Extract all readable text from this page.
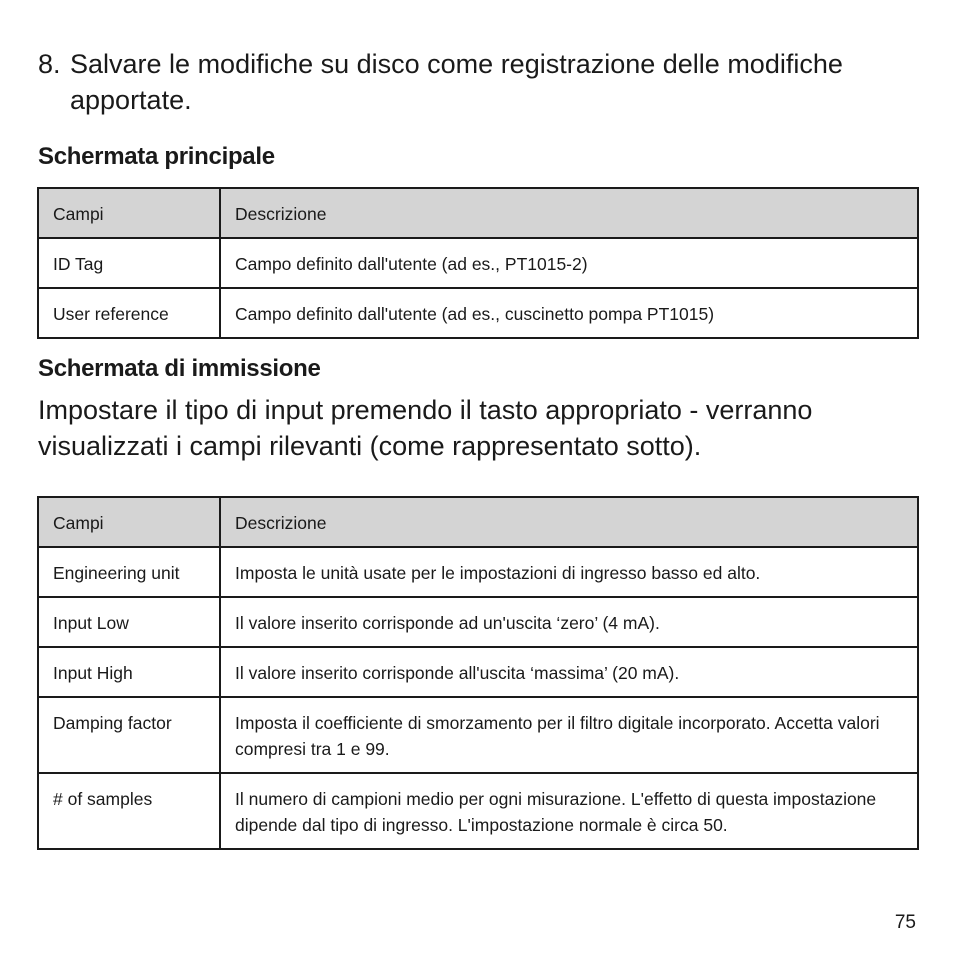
8. Salvare le modifiche su disco come registrazione delle modifiche apportate.
Schermata principale
Campi	Descrizione
ID Tag	Campo definito dall'utente (ad es., PT1015-2)
User reference	Campo definito dall'utente (ad es., cuscinetto pompa PT1015)
Schermata di immissione
Impostare il tipo di input premendo il tasto appropriato - verranno visualizzati i campi rilevanti (come rappresentato sotto).
Campi	Descrizione
Engineering unit	Imposta le unità usate per le impostazioni di ingresso basso ed alto.
Input Low	Il valore inserito corrisponde ad un'uscita ‘zero’ (4 mA).
Input High	Il valore inserito corrisponde all'uscita ‘massima’ (20 mA).
Damping factor	Imposta il coefficiente di smorzamento per il filtro digitale incorporato. Accetta valori compresi tra 1 e 99.
# of samples	Il numero di campioni medio per ogni misurazione. L'effetto di questa impostazione dipende dal tipo di ingresso. L'impostazione normale è circa 50.
75
